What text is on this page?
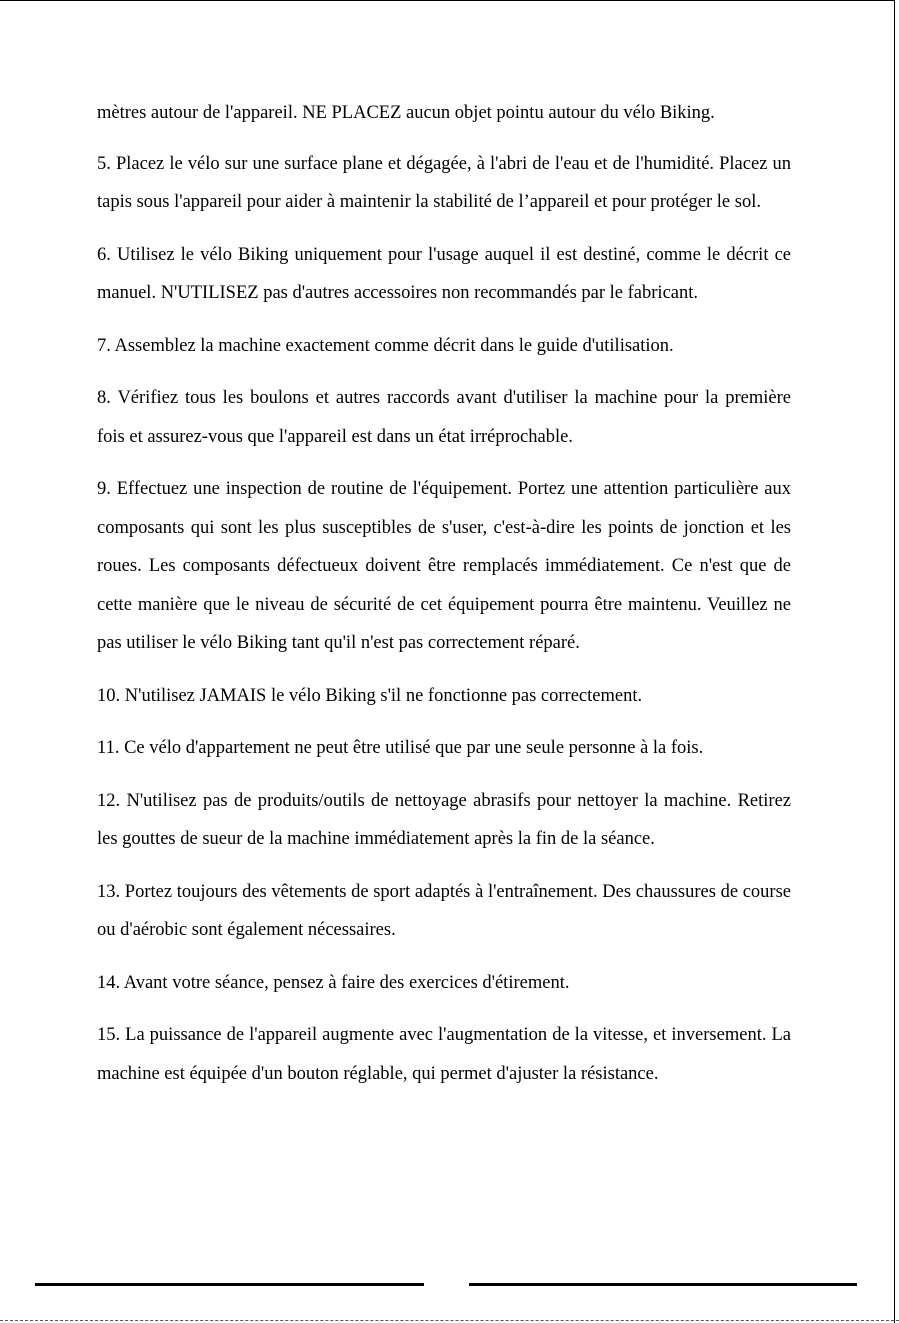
mètres autour de l'appareil. NE PLACEZ aucun objet pointu autour du vélo Biking.

5. Placez le vélo sur une surface plane et dégagée, à l'abri de l'eau et de l'humidité. Placez un tapis sous l'appareil pour aider à maintenir la stabilité de l’appareil et pour protéger le sol.

6. Utilisez le vélo Biking uniquement pour l'usage auquel il est destiné, comme le décrit ce manuel. N'UTILISEZ pas d'autres accessoires non recommandés par le fabricant.

7. Assemblez la machine exactement comme décrit dans le guide d'utilisation.

8. Vérifiez tous les boulons et autres raccords avant d'utiliser la machine pour la première fois et assurez-vous que l'appareil est dans un état irréprochable.

9. Effectuez une inspection de routine de l'équipement. Portez une attention particulière aux composants qui sont les plus susceptibles de s'user, c'est-à-dire les points de jonction et les roues. Les composants défectueux doivent être remplacés immédiatement. Ce n'est que de cette manière que le niveau de sécurité de cet équipement pourra être maintenu. Veuillez ne pas utiliser le vélo Biking tant qu'il n'est pas correctement réparé.

10. N'utilisez JAMAIS le vélo Biking s'il ne fonctionne pas correctement.

11. Ce vélo d'appartement ne peut être utilisé que par une seule personne à la fois.

12. N'utilisez pas de produits/outils de nettoyage abrasifs pour nettoyer la machine. Retirez les gouttes de sueur de la machine immédiatement après la fin de la séance.

13. Portez toujours des vêtements de sport adaptés à l'entraînement. Des chaussures de course ou d'aérobic sont également nécessaires.

14. Avant votre séance, pensez à faire des exercices d'étirement.

15. La puissance de l'appareil augmente avec l'augmentation de la vitesse, et inversement. La machine est équipée d'un bouton réglable, qui permet d'ajuster la résistance.
